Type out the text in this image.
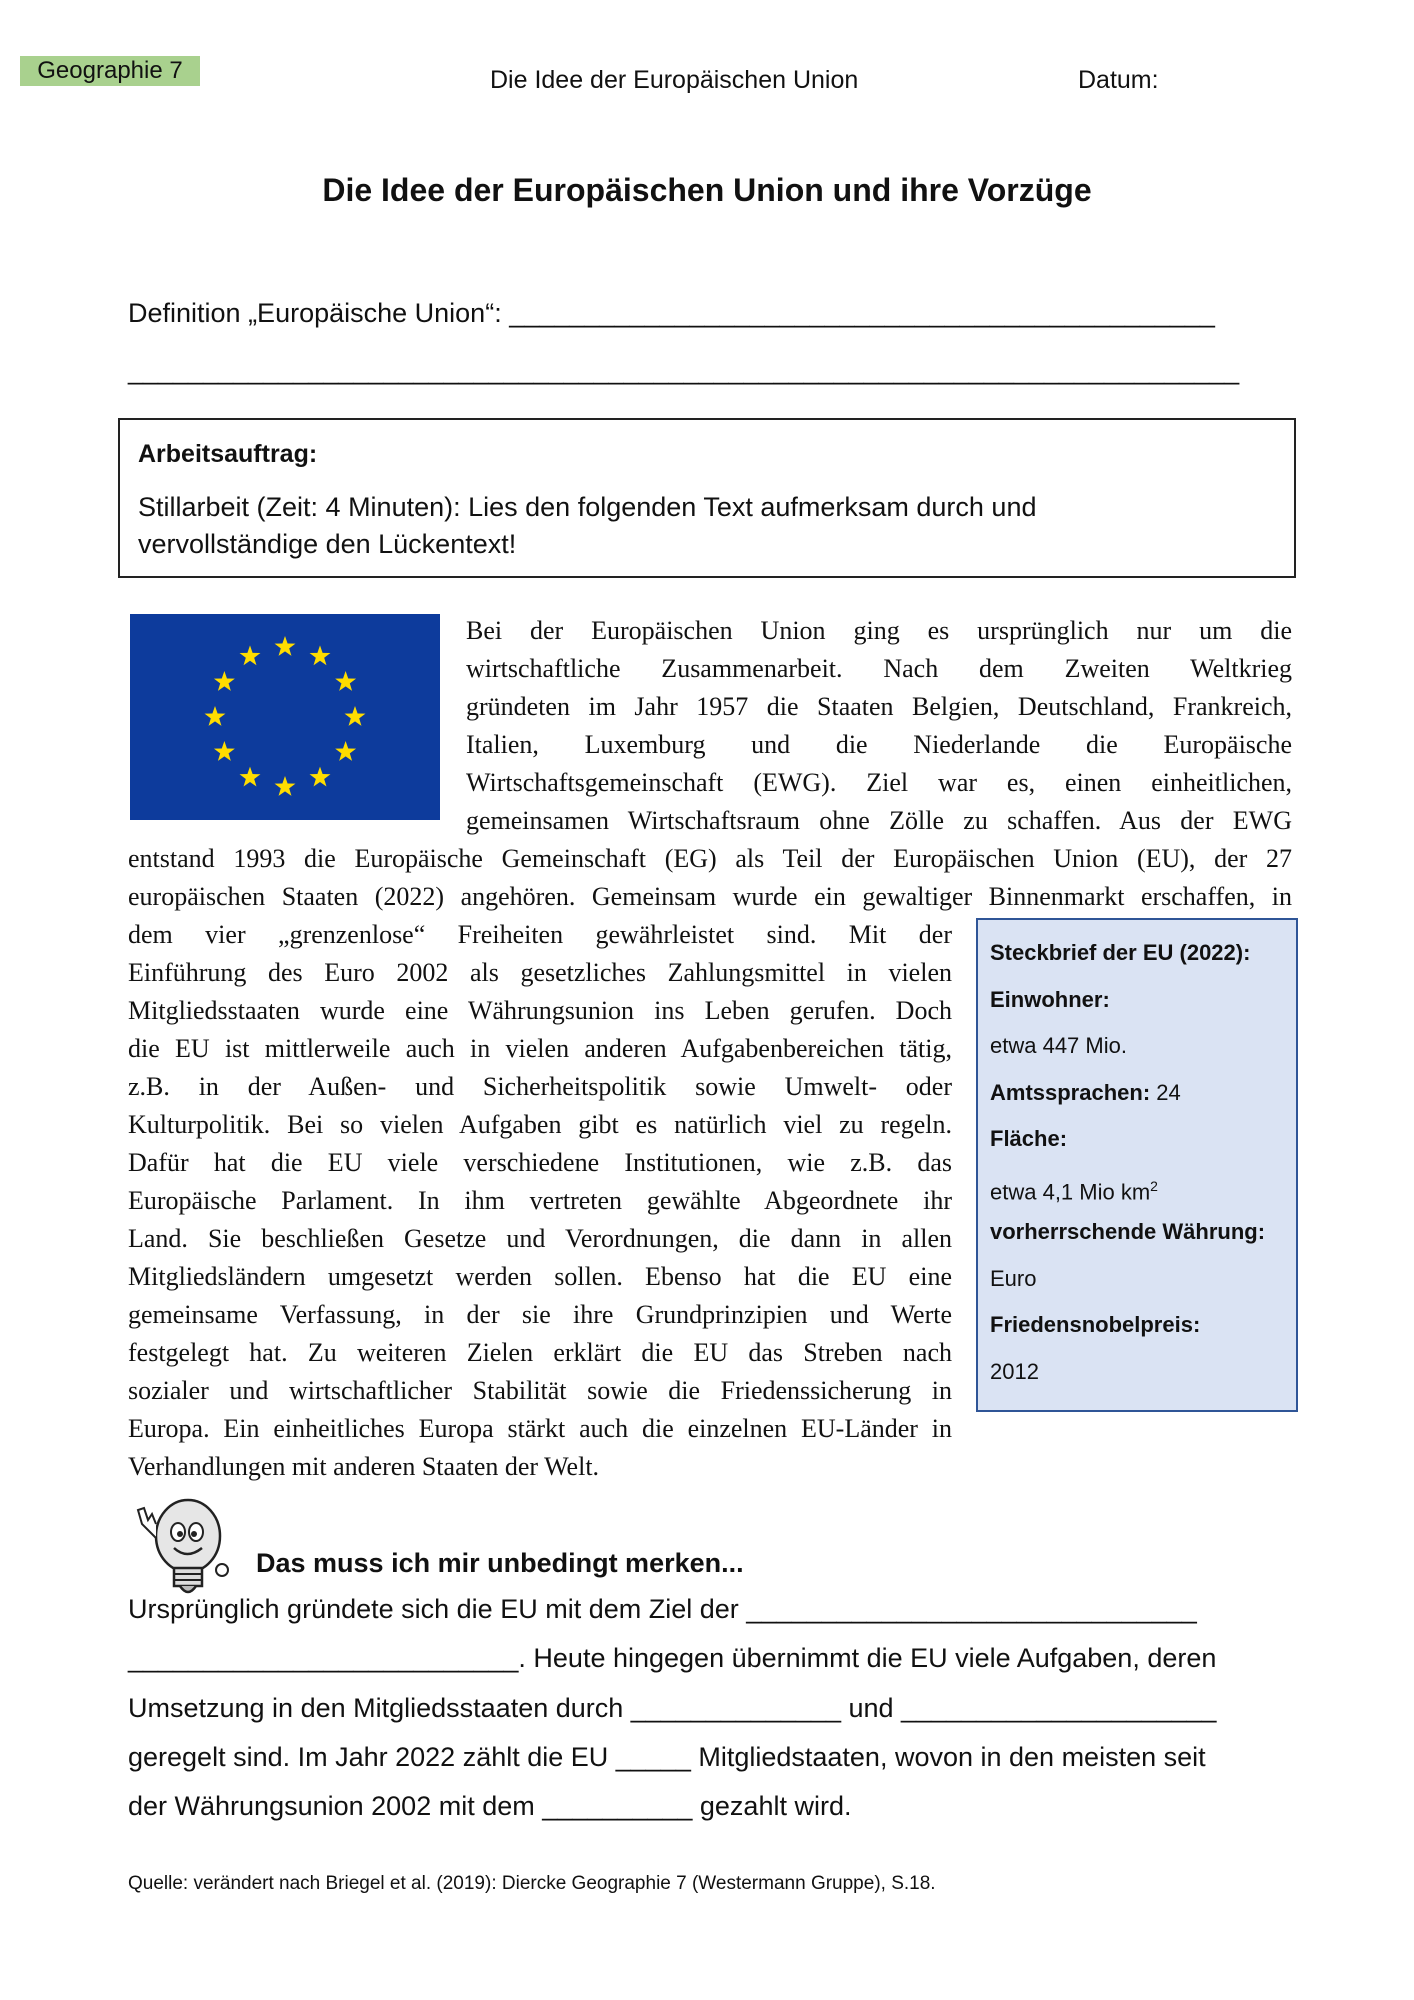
Geographie 7	Die Idee der Europäischen Union	Datum:
Die Idee der Europäischen Union und ihre Vorzüge
Definition „Europäische Union“: _______________________________________________
__________________________________________________________________________

Arbeitsauftrag:

Stillarbeit (Zeit: 4 Minuten): Lies den folgenden Text aufmerksam durch und vervollständige den Lückentext!

Bei der Europäischen Union ging es ursprünglich nur um die
wirtschaftliche Zusammenarbeit. Nach dem Zweiten Weltkrieg
gründeten im Jahr 1957 die Staaten Belgien, Deutschland, Frankreich,
Italien, Luxemburg und die Niederlande die Europäische
Wirtschaftsgemeinschaft (EWG). Ziel war es, einen einheitlichen,
gemeinsamen Wirtschaftsraum ohne Zölle zu schaffen. Aus der EWG
entstand 1993 die Europäische Gemeinschaft (EG) als Teil der Europäischen Union (EU), der 27
europäischen Staaten (2022) angehören. Gemeinsam wurde ein gewaltiger Binnenmarkt erschaffen, in
dem vier „grenzenlose“ Freiheiten gewährleistet sind. Mit der
Einführung des Euro 2002 als gesetzliches Zahlungsmittel in vielen
Mitgliedsstaaten wurde eine Währungsunion ins Leben gerufen. Doch
die EU ist mittlerweile auch in vielen anderen Aufgabenbereichen tätig,
z.B. in der Außen- und Sicherheitspolitik sowie Umwelt- oder
Kulturpolitik. Bei so vielen Aufgaben gibt es natürlich viel zu regeln.
Dafür hat die EU viele verschiedene Institutionen, wie z.B. das
Europäische Parlament. In ihm vertreten gewählte Abgeordnete ihr
Land. Sie beschließen Gesetze und Verordnungen, die dann in allen
Mitgliedsländern umgesetzt werden sollen. Ebenso hat die EU eine
gemeinsame Verfassung, in der sie ihre Grundprinzipien und Werte
festgelegt hat. Zu weiteren Zielen erklärt die EU das Streben nach
sozialer und wirtschaftlicher Stabilität sowie die Friedenssicherung in
Europa. Ein einheitliches Europa stärkt auch die einzelnen EU-Länder in
Verhandlungen mit anderen Staaten der Welt.
Steckbrief der EU (2022):
Einwohner:
etwa 447 Mio.
Amtssprachen: 24
Fläche:
etwa 4,1 Mio $km^2$
vorherrschende Währung:
Euro
Friedensnobelpreis:
2012
Das muss ich mir unbedingt merken...
Ursprünglich gründete sich die EU mit dem Ziel der ______________________________
__________________________. Heute hingegen übernimmt die EU viele Aufgaben, deren
Umsetzung in den Mitgliedsstaaten durch ______________ und _____________________
geregelt sind. Im Jahr 2022 zählt die EU _____ Mitgliedstaaten, wovon in den meisten seit
der Währungsunion 2002 mit dem __________ gezahlt wird.
Quelle: verändert nach Briegel et al. (2019): Diercke Geographie 7 (Westermann Gruppe), S.18.
